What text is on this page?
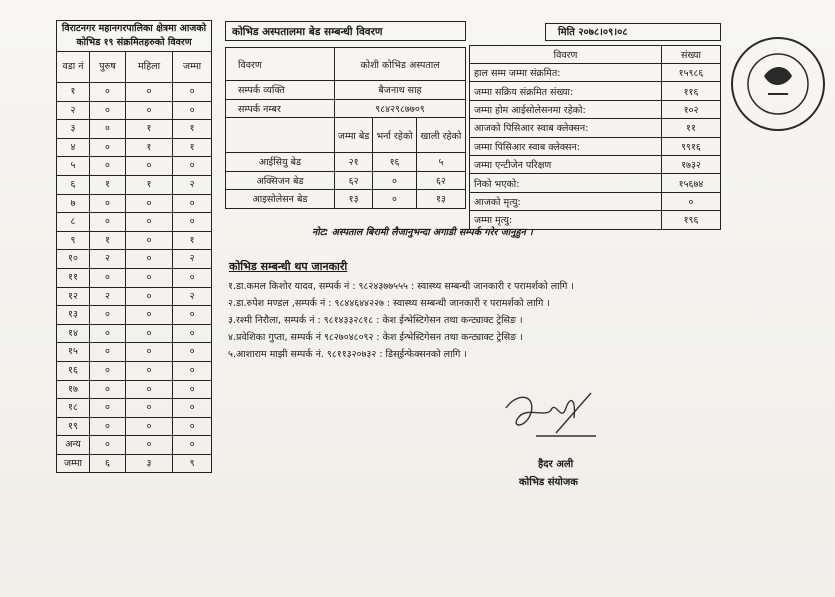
विराटनगर महानगरपालिका क्षेत्रमा आजको कोभिड १९ संक्रमितहरुको विवरण			
वडा नं	पुरुष	महिला	जम्मा
१	०	०	०
२	०	०	०
३	०	१	१
४	०	१	१
५	०	०	०
६	१	१	२
७	०	०	०
८	०	०	०
९	१	०	१
१०	२	०	२
११	०	०	०
१२	२	०	२
१३	०	०	०
१४	०	०	०
१५	०	०	०
१६	०	०	०
१७	०	०	०
१८	०	०	०
१९	०	०	०
अन्य	०	०	०
जम्मा	६	३	९
कोभिड अस्पतालमा बेड सम्बन्धी विवरण
विवरण	कोशी कोभिड अस्पताल		
सम्पर्क व्यक्ति	बैजनाथ साह		
सम्पर्क नम्बर	९८४२९८७७०९		
	जम्मा बेड	भर्ना रहेको	खाली रहेको
आईसियु बेड	२१	१६	५
अक्सिजन बेड	६२	०	६२
आइसोलेसन बेड	१३	०	१३
मिति २०७८।०९।०८
विवरण	संख्या
हाल सम्म जम्मा संक्रमित:	१५९८६
जम्मा सक्रिय संक्रमित संख्या:	११६
जम्मा होम आईसोलेसनमा रहेको:	१०२
आजको पिसिआर स्वाब क्लेक्सन:	११
जम्मा पिसिआर स्वाब क्लेक्सन:	९९१६
जम्मा एन्टीजेन परिक्षण	१७३२
निको भएको:	१५६७४
आजको मृत्यु:	०
जम्मा मृत्यु:	१९६
नोट: अस्पताल बिरामी लैजानुभन्दा अगाडी सम्पर्क गरेर जानुहुन ।
कोभिड सम्बन्धी थप जानकारी
१.डा.कमल किशोर यादव, सम्पर्क नं : ९८२४३७७५५५ : स्वास्थ्य सम्बन्धी जानकारी र परामर्शको लागि ।
२.डा.रुपेश मण्डल ,सम्पर्क नं : ९८४४६४४२२७ : स्वास्थ्य सम्बन्धी जानकारी र परामर्शको लागि ।
३.रश्मी निरौला, सम्पर्क नं : ९८१४३३२८१८ : केश ईन्भेस्टिगेसन तथा कन्ट्याक्ट ट्रेसिङ ।
४.प्रवेशिका गुप्ता, सम्पर्क नं ९८२७०४८०९२ : केश ईन्भेस्टिगेसन तथा कन्ट्याक्ट ट्रेसिङ ।
५.आशाराम माझी सम्पर्क नं. ९८११३२०७३२ : डिस्ईन्फेक्सनको लागि ।
हैदर अली
कोभिड संयोजक
